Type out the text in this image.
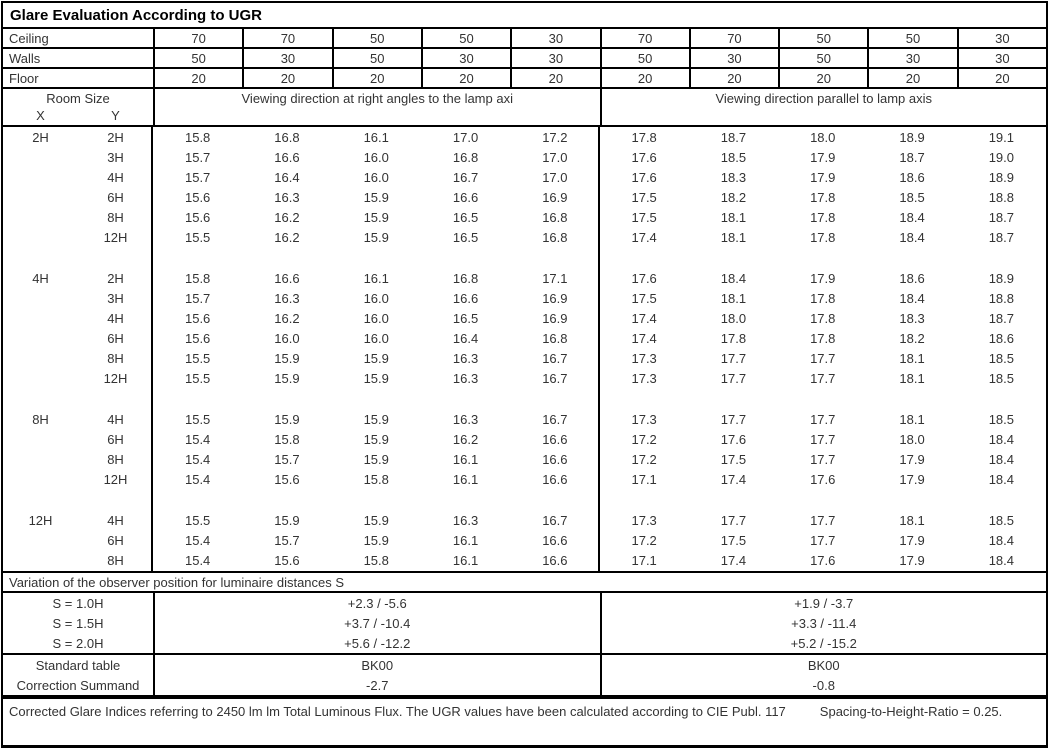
Glare Evaluation According to UGR
Ceiling	70	70	50	50	30	70	70	50	50	30
Walls	50	30	50	30	30	50	30	50	30	30
Floor	20	20	20	20	20	20	20	20	20	20
Room Size
X	Y
Viewing direction at right angles to the lamp axi	Viewing direction parallel to lamp axis
2H	2H	15.8	16.8	16.1	17.0	17.2	17.8	18.7	18.0	18.9	19.1
3H	15.7	16.6	16.0	16.8	17.0	17.6	18.5	17.9	18.7	19.0
4H	15.7	16.4	16.0	16.7	17.0	17.6	18.3	17.9	18.6	18.9
6H	15.6	16.3	15.9	16.6	16.9	17.5	18.2	17.8	18.5	18.8
8H	15.6	16.2	15.9	16.5	16.8	17.5	18.1	17.8	18.4	18.7
12H	15.5	16.2	15.9	16.5	16.8	17.4	18.1	17.8	18.4	18.7
4H	2H	15.8	16.6	16.1	16.8	17.1	17.6	18.4	17.9	18.6	18.9
3H	15.7	16.3	16.0	16.6	16.9	17.5	18.1	17.8	18.4	18.8
4H	15.6	16.2	16.0	16.5	16.9	17.4	18.0	17.8	18.3	18.7
6H	15.6	16.0	16.0	16.4	16.8	17.4	17.8	17.8	18.2	18.6
8H	15.5	15.9	15.9	16.3	16.7	17.3	17.7	17.7	18.1	18.5
12H	15.5	15.9	15.9	16.3	16.7	17.3	17.7	17.7	18.1	18.5
8H	4H	15.5	15.9	15.9	16.3	16.7	17.3	17.7	17.7	18.1	18.5
6H	15.4	15.8	15.9	16.2	16.6	17.2	17.6	17.7	18.0	18.4
8H	15.4	15.7	15.9	16.1	16.6	17.2	17.5	17.7	17.9	18.4
12H	15.4	15.6	15.8	16.1	16.6	17.1	17.4	17.6	17.9	18.4
12H	4H	15.5	15.9	15.9	16.3	16.7	17.3	17.7	17.7	18.1	18.5
6H	15.4	15.7	15.9	16.1	16.6	17.2	17.5	17.7	17.9	18.4
8H	15.4	15.6	15.8	16.1	16.6	17.1	17.4	17.6	17.9	18.4
Variation of the observer position for luminaire distances S
S = 1.0H	+2.3 / -5.6	+1.9 / -3.7
S = 1.5H	+3.7 / -10.4	+3.3 / -11.4
S = 2.0H	+5.6 / -12.2	+5.2 / -15.2
Standard table	BK00	BK00
Correction Summand	-2.7	-0.8
Corrected Glare Indices referring to 2450 lm lm Total Luminous Flux. The UGR values have been calculated according to CIE Publ. 117	Spacing-to-Height-Ratio = 0.25.
